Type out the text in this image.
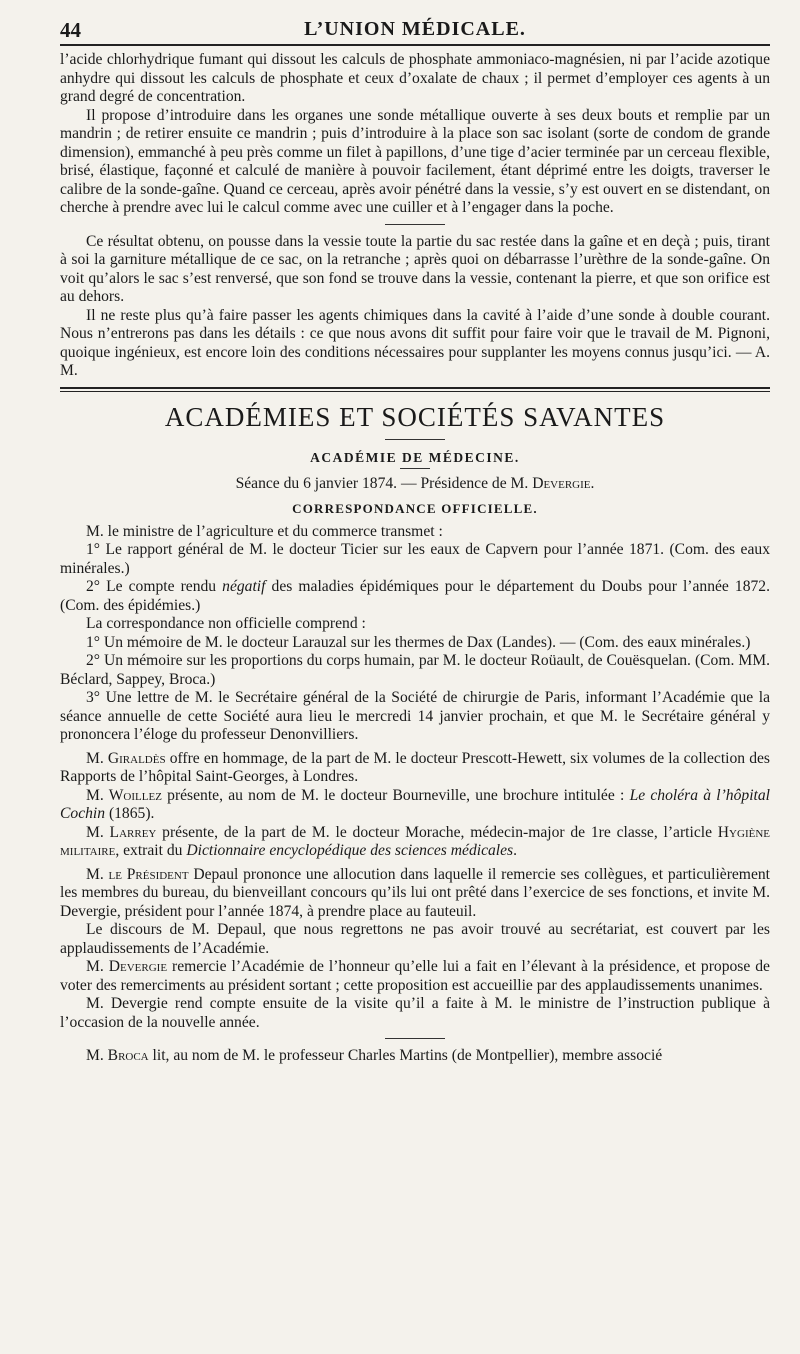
44	L’UNION MÉDICALE.

l’acide chlorhydrique fumant qui dissout les calculs de phosphate ammoniaco-magnésien, ni par l’acide azotique anhydre qui dissout les calculs de phosphate et ceux d’oxalate de chaux ; il permet d’employer ces agents à un grand degré de concentration.

Il propose d’introduire dans les organes une sonde métallique ouverte à ses deux bouts et remplie par un mandrin ; de retirer ensuite ce mandrin ; puis d’introduire à la place son sac isolant (sorte de condom de grande dimension), emmanché à peu près comme un filet à papillons, d’une tige d’acier terminée par un cerceau flexible, brisé, élastique, façonné et calculé de manière à pouvoir facilement, étant déprimé entre les doigts, traverser le calibre de la sonde-gaîne. Quand ce cerceau, après avoir pénétré dans la vessie, s’y est ouvert en se distendant, on cherche à prendre avec lui le calcul comme avec une cuiller et à l’engager dans la poche.

Ce résultat obtenu, on pousse dans la vessie toute la partie du sac restée dans la gaîne et en deçà ; puis, tirant à soi la garniture métallique de ce sac, on la retranche ; après quoi on débarrasse l’urèthre de la sonde-gaîne. On voit qu’alors le sac s’est renversé, que son fond se trouve dans la vessie, contenant la pierre, et que son orifice est au dehors.

Il ne reste plus qu’à faire passer les agents chimiques dans la cavité à l’aide d’une sonde à double courant. Nous n’entrerons pas dans les détails : ce que nous avons dit suffit pour faire voir que le travail de M. Pignoni, quoique ingénieux, est encore loin des conditions nécessaires pour supplanter les moyens connus jusqu’ici. — A. M.

ACADÉMIES ET SOCIÉTÉS SAVANTES
ACADÉMIE DE MÉDECINE.
Séance du 6 janvier 1874. — Présidence de M. Devergie.
CORRESPONDANCE OFFICIELLE.

M. le ministre de l’agriculture et du commerce transmet :

1° Le rapport général de M. le docteur Ticier sur les eaux de Capvern pour l’année 1871. (Com. des eaux minérales.)

2° Le compte rendu négatif des maladies épidémiques pour le département du Doubs pour l’année 1872. (Com. des épidémies.)

La correspondance non officielle comprend :

1° Un mémoire de M. le docteur Larauzal sur les thermes de Dax (Landes). — (Com. des eaux minérales.)

2° Un mémoire sur les proportions du corps humain, par M. le docteur Roüault, de Couësquelan. (Com. MM. Béclard, Sappey, Broca.)

3° Une lettre de M. le Secrétaire général de la Société de chirurgie de Paris, informant l’Académie que la séance annuelle de cette Société aura lieu le mercredi 14 janvier prochain, et que M. le Secrétaire général y prononcera l’éloge du professeur Denonvilliers.

M. Giraldès offre en hommage, de la part de M. le docteur Prescott-Hewett, six volumes de la collection des Rapports de l’hôpital Saint-Georges, à Londres.

M. Woillez présente, au nom de M. le docteur Bourneville, une brochure intitulée : Le choléra à l’hôpital Cochin (1865).

M. Larrey présente, de la part de M. le docteur Morache, médecin-major de 1re classe, l’article Hygiène militaire, extrait du Dictionnaire encyclopédique des sciences médicales.

M. le Président Depaul prononce une allocution dans laquelle il remercie ses collègues, et particulièrement les membres du bureau, du bienveillant concours qu’ils lui ont prêté dans l’exercice de ses fonctions, et invite M. Devergie, président pour l’année 1874, à prendre place au fauteuil.

Le discours de M. Depaul, que nous regrettons ne pas avoir trouvé au secrétariat, est couvert par les applaudissements de l’Académie.

M. Devergie remercie l’Académie de l’honneur qu’elle lui a fait en l’élevant à la présidence, et propose de voter des remerciments au président sortant ; cette proposition est accueillie par des applaudissements unanimes.

M. Devergie rend compte ensuite de la visite qu’il a faite à M. le ministre de l’instruction publique à l’occasion de la nouvelle année.

M. Broca lit, au nom de M. le professeur Charles Martins (de Montpellier), membre associé
